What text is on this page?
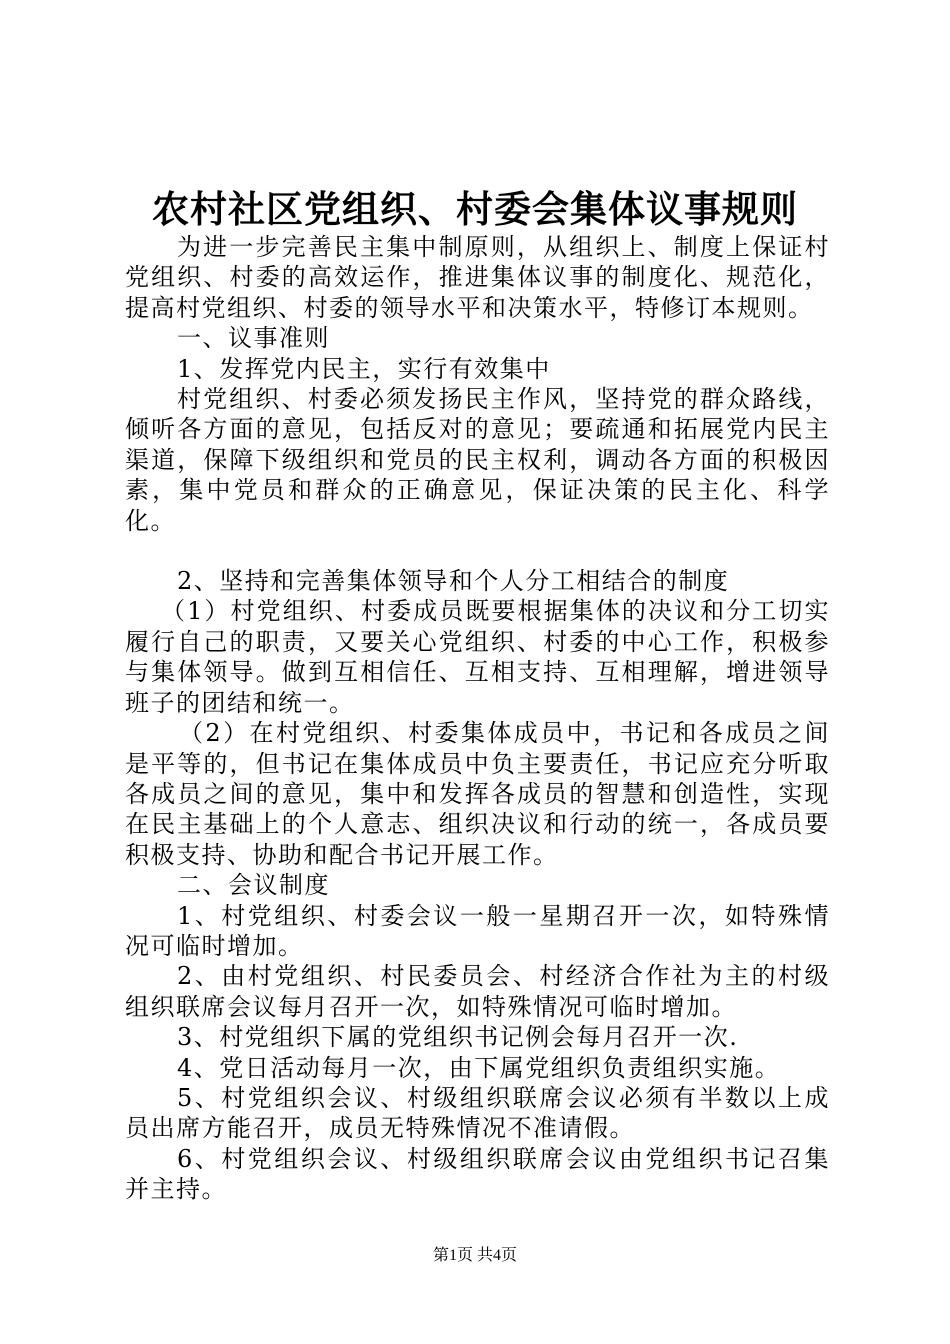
农村社区党组织、村委会集体议事规则

为进一步完善民主集中制原则，从组织上、制度上保证村党组织、村委的高效运作，推进集体议事的制度化、规范化，提高村党组织、村委的领导水平和决策水平，特修订本规则。

一、议事准则

1、发挥党内民主，实行有效集中

村党组织、村委必须发扬民主作风，坚持党的群众路线，倾听各方面的意见，包括反对的意见；要疏通和拓展党内民主渠道，保障下级组织和党员的民主权利，调动各方面的积极因素，集中党员和群众的正确意见，保证决策的民主化、科学化。

2、坚持和完善集体领导和个人分工相结合的制度

（1）村党组织、村委成员既要根据集体的决议和分工切实履行自己的职责，又要关心党组织、村委的中心工作，积极参与集体领导。做到互相信任、互相支持、互相理解，增进领导班子的团结和统一。

（2）在村党组织、村委集体成员中，书记和各成员之间是平等的，但书记在集体成员中负主要责任，书记应充分听取各成员之间的意见，集中和发挥各成员的智慧和创造性，实现在民主基础上的个人意志、组织决议和行动的统一，各成员要积极支持、协助和配合书记开展工作。

二、会议制度

1、村党组织、村委会议一般一星期召开一次，如特殊情况可临时增加。

2、由村党组织、村民委员会、村经济合作社为主的村级组织联席会议每月召开一次，如特殊情况可临时增加。

3、村党组织下属的党组织书记例会每月召开一次.

4、党日活动每月一次，由下属党组织负责组织实施。

5、村党组织会议、村级组织联席会议必须有半数以上成员出席方能召开，成员无特殊情况不准请假。

6、村党组织会议、村级组织联席会议由党组织书记召集并主持。

第1页 共4页
